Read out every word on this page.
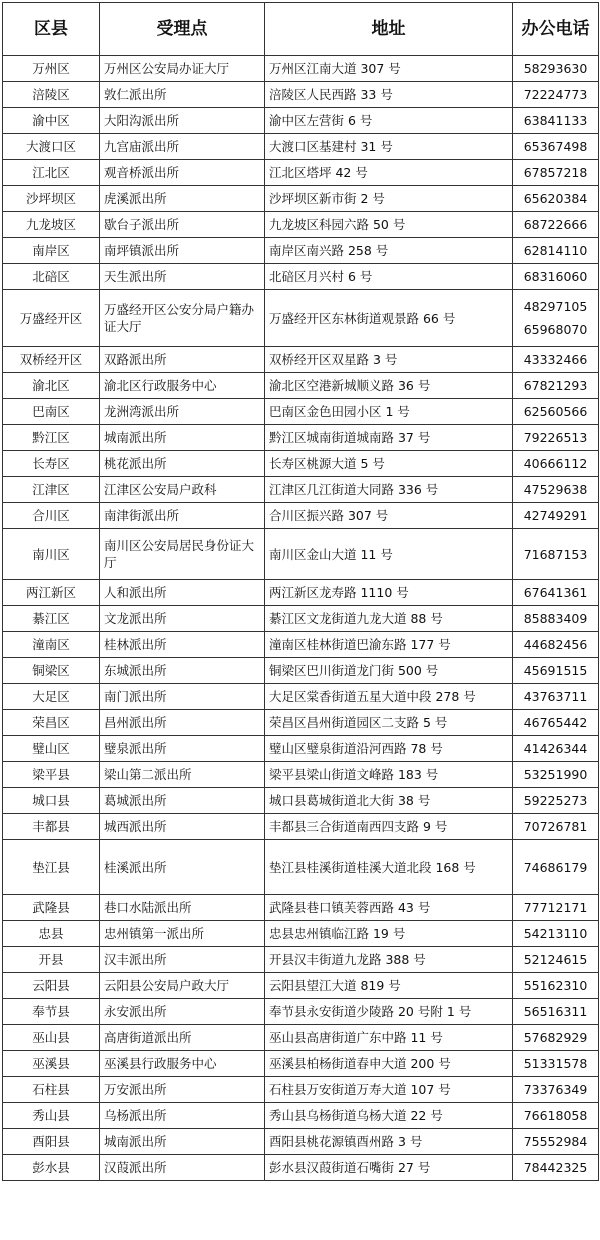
区县	受理点	地址	办公电话
万州区	万州区公安局办证大厅	万州区江南大道 307 号	58293630

涪陵区	敦仁派出所	涪陵区人民西路 33 号	72224773

渝中区	大阳沟派出所	渝中区左营街 6 号	63841133

大渡口区	九宫庙派出所	大渡口区基建村 31 号	65367498

江北区	观音桥派出所	江北区塔坪 42 号	67857218

沙坪坝区	虎溪派出所	沙坪坝区新市街 2 号	65620384

九龙坡区	歇台子派出所	九龙坡区科园六路 50 号	68722666

南岸区	南坪镇派出所	南岸区南兴路 258 号	62814110

北碚区	天生派出所	北碚区月兴村 6 号	68316060

万盛经开区	万盛经开区公安分局户籍办证大厅	万盛经开区东林街道观景路 66 号	48297105
65968070

双桥经开区	双路派出所	双桥经开区双星路 3 号	43332466

渝北区	渝北区行政服务中心	渝北区空港新城顺义路 36 号	67821293

巴南区	龙洲湾派出所	巴南区金色田园小区 1 号	62560566

黔江区	城南派出所	黔江区城南街道城南路 37 号	79226513

长寿区	桃花派出所	长寿区桃源大道 5 号	40666112

江津区	江津区公安局户政科	江津区几江街道大同路 336 号	47529638

合川区	南津街派出所	合川区振兴路 307 号	42749291

南川区	南川区公安局居民身份证大厅	南川区金山大道 11 号	71687153

两江新区	人和派出所	两江新区龙寿路 1110 号	67641361

綦江区	文龙派出所	綦江区文龙街道九龙大道 88 号	85883409

潼南区	桂林派出所	潼南区桂林街道巴渝东路 177 号	44682456

铜梁区	东城派出所	铜梁区巴川街道龙门街 500 号	45691515

大足区	南门派出所	大足区棠香街道五星大道中段 278 号	43763711

荣昌区	昌州派出所	荣昌区昌州街道园区二支路 5 号	46765442

璧山区	璧泉派出所	璧山区璧泉街道沿河西路 78 号	41426344

梁平县	梁山第二派出所	梁平县梁山街道文峰路 183 号	53251990

城口县	葛城派出所	城口县葛城街道北大街 38 号	59225273

丰都县	城西派出所	丰都县三合街道南西四支路 9 号	70726781

垫江县	桂溪派出所	垫江县桂溪街道桂溪大道北段 168 号	74686179

武隆县	巷口水陆派出所	武隆县巷口镇芙蓉西路 43 号	77712171

忠县	忠州镇第一派出所	忠县忠州镇临江路 19 号	54213110

开县	汉丰派出所	开县汉丰街道九龙路 388 号	52124615

云阳县	云阳县公安局户政大厅	云阳县望江大道 819 号	55162310

奉节县	永安派出所	奉节县永安街道少陵路 20 号附 1 号	56516311

巫山县	高唐街道派出所	巫山县高唐街道广东中路 11 号	57682929

巫溪县	巫溪县行政服务中心	巫溪县柏杨街道春申大道 200 号	51331578

石柱县	万安派出所	石柱县万安街道万寿大道 107 号	73376349

秀山县	乌杨派出所	秀山县乌杨街道乌杨大道 22 号	76618058

酉阳县	城南派出所	酉阳县桃花源镇酉州路 3 号	75552984

彭水县	汉葭派出所	彭水县汉葭街道石嘴街 27 号	78442325
